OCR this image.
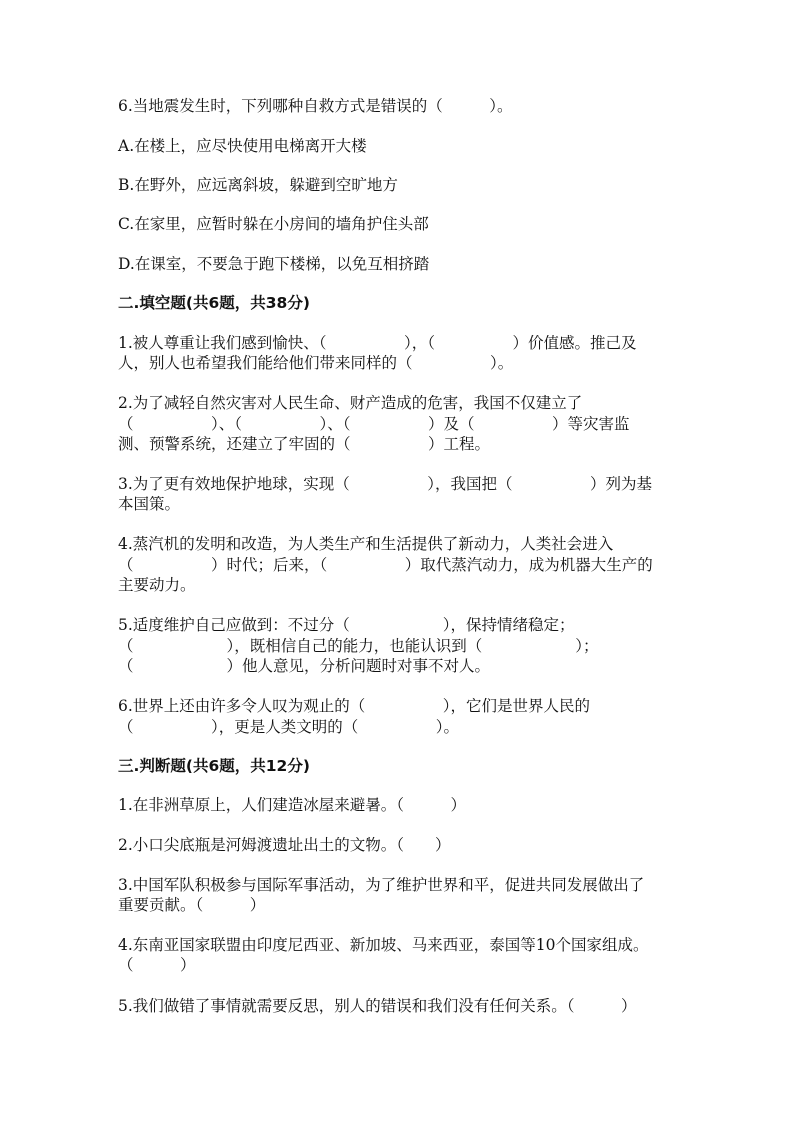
6.当地震发生时，下列哪种自救方式是错误的（　　　）。
A.在楼上，应尽快使用电梯离开大楼
B.在野外，应远离斜坡，躲避到空旷地方
C.在家里，应暂时躲在小房间的墙角护住头部
D.在课室，不要急于跑下楼梯，以免互相挤踏
二.填空题(共6题，共38分)
1.被人尊重让我们感到愉快、（　　　　　），（　　　　　）价值感。推己及
人，别人也希望我们能给他们带来同样的（　　　　　）。
2.为了减轻自然灾害对人民生命、财产造成的危害，我国不仅建立了
（　　　　　）、（　　　　　）、（　　　　　）及（　　　　　）等灾害监
测、预警系统，还建立了牢固的（　　　　　）工程。
3.为了更有效地保护地球，实现（　　　　　），我国把（　　　　　）列为基
本国策。
4.蒸汽机的发明和改造，为人类生产和生活提供了新动力，人类社会进入
（　　　　　）时代；后来，（　　　　　）取代蒸汽动力，成为机器大生产的
主要动力。
5.适度维护自己应做到：不过分（　　　　　　），保持情绪稳定；
（　　　　　　），既相信自己的能力，也能认识到（　　　　　　）；
（　　　　　　）他人意见，分析问题时对事不对人。
6.世界上还由许多令人叹为观止的（　　　　　），它们是世界人民的
（　　　　　），更是人类文明的（　　　　　）。
三.判断题(共6题，共12分)
1.在非洲草原上，人们建造冰屋来避暑。（　　　）
2.小口尖底瓶是河姆渡遗址出土的文物。（　　）
3.中国军队积极参与国际军事活动，为了维护世界和平，促进共同发展做出了
重要贡献。（　　　）
4.东南亚国家联盟由印度尼西亚、新加坡、马来西亚，泰国等10个国家组成。
（　　　）
5.我们做错了事情就需要反思，别人的错误和我们没有任何关系。（　　　）
